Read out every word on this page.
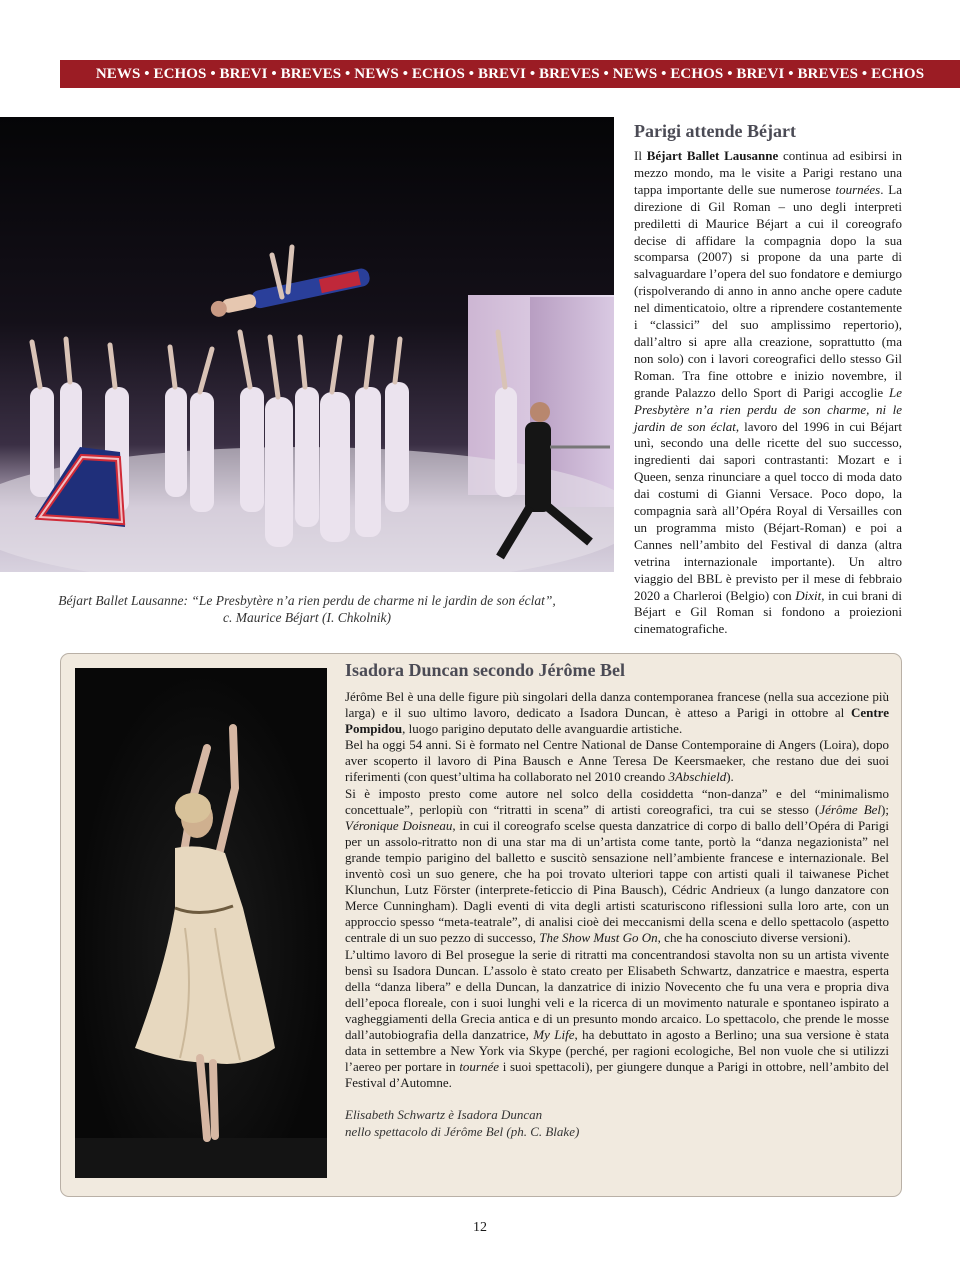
NEWS • ECHOS • BREVI • BREVES • NEWS • ECHOS • BREVI • BREVES • NEWS • ECHOS • BREVI • BREVES • ECHOS
Béjart Ballet Lausanne: “Le Presbytère n’a rien perdu de charme ni le jardin de son éclat”,
c. Maurice Béjart (I. Chkolnik)
Parigi attende Béjart

Il Béjart Ballet Lausanne continua ad esibirsi in mezzo mondo, ma le visite a Parigi restano una tappa importante delle sue numerose tournées. La direzione di Gil Roman – uno degli interpreti prediletti di Maurice Béjart a cui il coreografo decise di affidare la compagnia dopo la sua scomparsa (2007) si propone da una parte di salvaguardare l’opera del suo fondatore e demiurgo (rispolverando di anno in anno anche opere cadute nel dimenticatoio, oltre a riprendere costantemente i “classici” del suo amplissimo repertorio), dall’altro si apre alla creazione, soprattutto (ma non solo) con i lavori coreografici dello stesso Gil Roman. Tra fine ottobre e inizio novembre, il grande Palazzo dello Sport di Parigi accoglie Le Presbytère n’a rien perdu de son charme, ni le jardin de son éclat, lavoro del 1996 in cui Béjart unì, secondo una delle ricette del suo successo, ingredienti dai sapori contrastanti: Mozart e i Queen, senza rinunciare a quel tocco di moda dato dai costumi di Gianni Versace. Poco dopo, la compagnia sarà all’Opéra Royal di Versailles con un programma misto (Béjart-Roman) e poi a Cannes nell’ambito del Festival di danza (altra vetrina internazionale importante). Un altro viaggio del BBL è previsto per il mese di febbraio 2020 a Charleroi (Belgio) con Dixit, in cui brani di Béjart e Gil Roman si fondono a proiezioni cinematografiche.

Isadora Duncan secondo Jérôme Bel

Jérôme Bel è una delle figure più singolari della danza contemporanea francese (nella sua accezione più larga) e il suo ultimo lavoro, dedicato a Isadora Duncan, è atteso a Parigi in ottobre al Centre Pompidou, luogo parigino deputato delle avanguardie artistiche.

Bel ha oggi 54 anni. Si è formato nel Centre National de Danse Contemporaine di Angers (Loira), dopo aver scoperto il lavoro di Pina Bausch e Anne Teresa De Keersmaeker, che restano due dei suoi riferimenti (con quest’ultima ha collaborato nel 2010 creando 3Abschield).

Si è imposto presto come autore nel solco della cosiddetta “non-danza” e del “minimalismo concettuale”, perlopiù con “ritratti in scena” di artisti coreografici, tra cui se stesso (Jérôme Bel); Véronique Doisneau, in cui il coreografo scelse questa danzatrice di corpo di ballo dell’Opéra di Parigi per un assolo-ritratto non di una star ma di un’artista come tante, portò la “danza negazionista” nel grande tempio parigino del balletto e suscitò sensazione nell’ambiente francese e internazionale. Bel inventò così un suo genere, che ha poi trovato ulteriori tappe con artisti quali il taiwanese Pichet Klunchun, Lutz Förster (interprete-feticcio di Pina Bausch), Cédric Andrieux (a lungo danzatore con Merce Cunningham). Dagli eventi di vita degli artisti scaturiscono riflessioni sulla loro arte, con un approccio spesso “meta-teatrale”, di analisi cioè dei meccanismi della scena e dello spettacolo (aspetto centrale di un suo pezzo di successo, The Show Must Go On, che ha conosciuto diverse versioni).

L’ultimo lavoro di Bel prosegue la serie di ritratti ma concentrandosi stavolta non su un artista vivente bensì su Isadora Duncan. L’assolo è stato creato per Elisabeth Schwartz, danzatrice e maestra, esperta della “danza libera” e della Duncan, la danzatrice di inizio Novecento che fu una vera e propria diva dell’epoca floreale, con i suoi lunghi veli e la ricerca di un movimento naturale e spontaneo ispirato a vagheggiamenti della Grecia antica e di un presunto mondo arcaico. Lo spettacolo, che prende le mosse dall’autobiografia della danzatrice, My Life, ha debuttato in agosto a Berlino; una sua versione è stata data in settembre a New York via Skype (perché, per ragioni ecologiche, Bel non vuole che si utilizzi l’aereo per portare in tournée i suoi spettacoli), per giungere dunque a Parigi in ottobre, nell’ambito del Festival d’Automne.

Elisabeth Schwartz è Isadora Duncan
nello spettacolo di Jérôme Bel (ph. C. Blake)
12
